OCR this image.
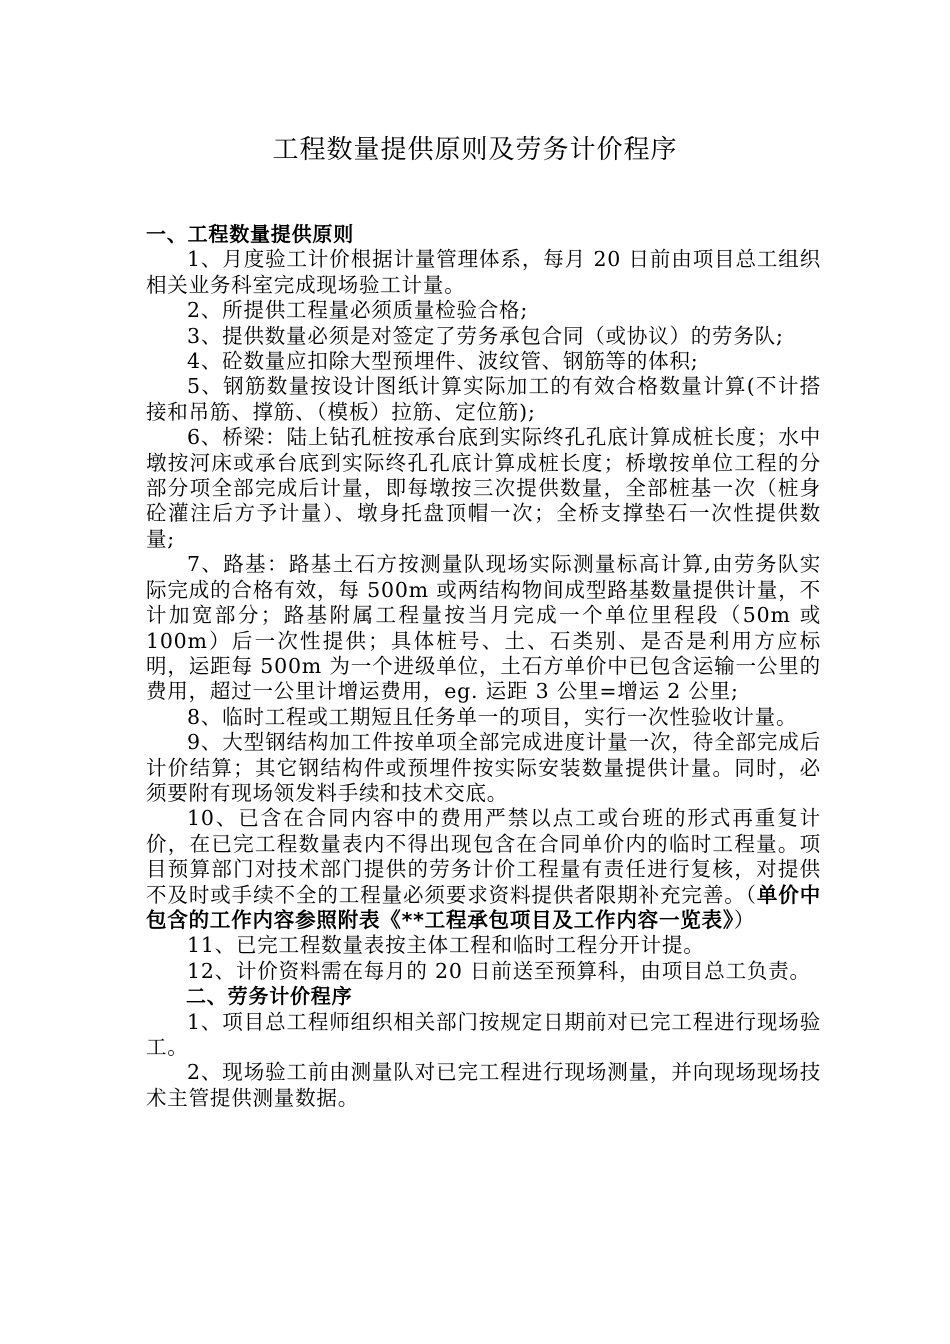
工程数量提供原则及劳务计价程序

一、工程数量提供原则

1、月度验工计价根据计量管理体系，每月 20 日前由项目总工组织相关业务科室完成现场验工计量。

2、所提供工程量必须质量检验合格;

3、提供数量必须是对签定了劳务承包合同（或协议）的劳务队;

4、砼数量应扣除大型预埋件、波纹管、钢筋等的体积;

5、钢筋数量按设计图纸计算实际加工的有效合格数量计算(不计搭接和吊筋、撑筋、（模板）拉筋、定位筋);

6、桥梁：陆上钻孔桩按承台底到实际终孔孔底计算成桩长度；水中墩按河床或承台底到实际终孔孔底计算成桩长度；桥墩按单位工程的分部分项全部完成后计量，即每墩按三次提供数量，全部桩基一次（桩身砼灌注后方予计量）、墩身托盘顶帽一次；全桥支撑垫石一次性提供数量;

7、路基：路基土石方按测量队现场实际测量标高计算,由劳务队实际完成的合格有效，每 500m 或两结构物间成型路基数量提供计量，不计加宽部分；路基附属工程量按当月完成一个单位里程段（50m 或 100m）后一次性提供；具体桩号、土、石类别、是否是利用方应标明，运距每 500m 为一个进级单位，土石方单价中已包含运输一公里的费用，超过一公里计增运费用，eg. 运距 3 公里=增运 2 公里;

8、临时工程或工期短且任务单一的项目，实行一次性验收计量。

9、大型钢结构加工件按单项全部完成进度计量一次，待全部完成后计价结算；其它钢结构件或预埋件按实际安装数量提供计量。同时，必须要附有现场领发料手续和技术交底。

10、已含在合同内容中的费用严禁以点工或台班的形式再重复计价，在已完工程数量表内不得出现包含在合同单价内的临时工程量。项目预算部门对技术部门提供的劳务计价工程量有责任进行复核，对提供不及时或手续不全的工程量必须要求资料提供者限期补充完善。（单价中包含的工作内容参照附表《**工程承包项目及工作内容一览表》）

11、已完工程数量表按主体工程和临时工程分开计提。

12、计价资料需在每月的 20 日前送至预算科，由项目总工负责。

二、劳务计价程序

1、项目总工程师组织相关部门按规定日期前对已完工程进行现场验工。

2、现场验工前由测量队对已完工程进行现场测量，并向现场现场技术主管提供测量数据。
